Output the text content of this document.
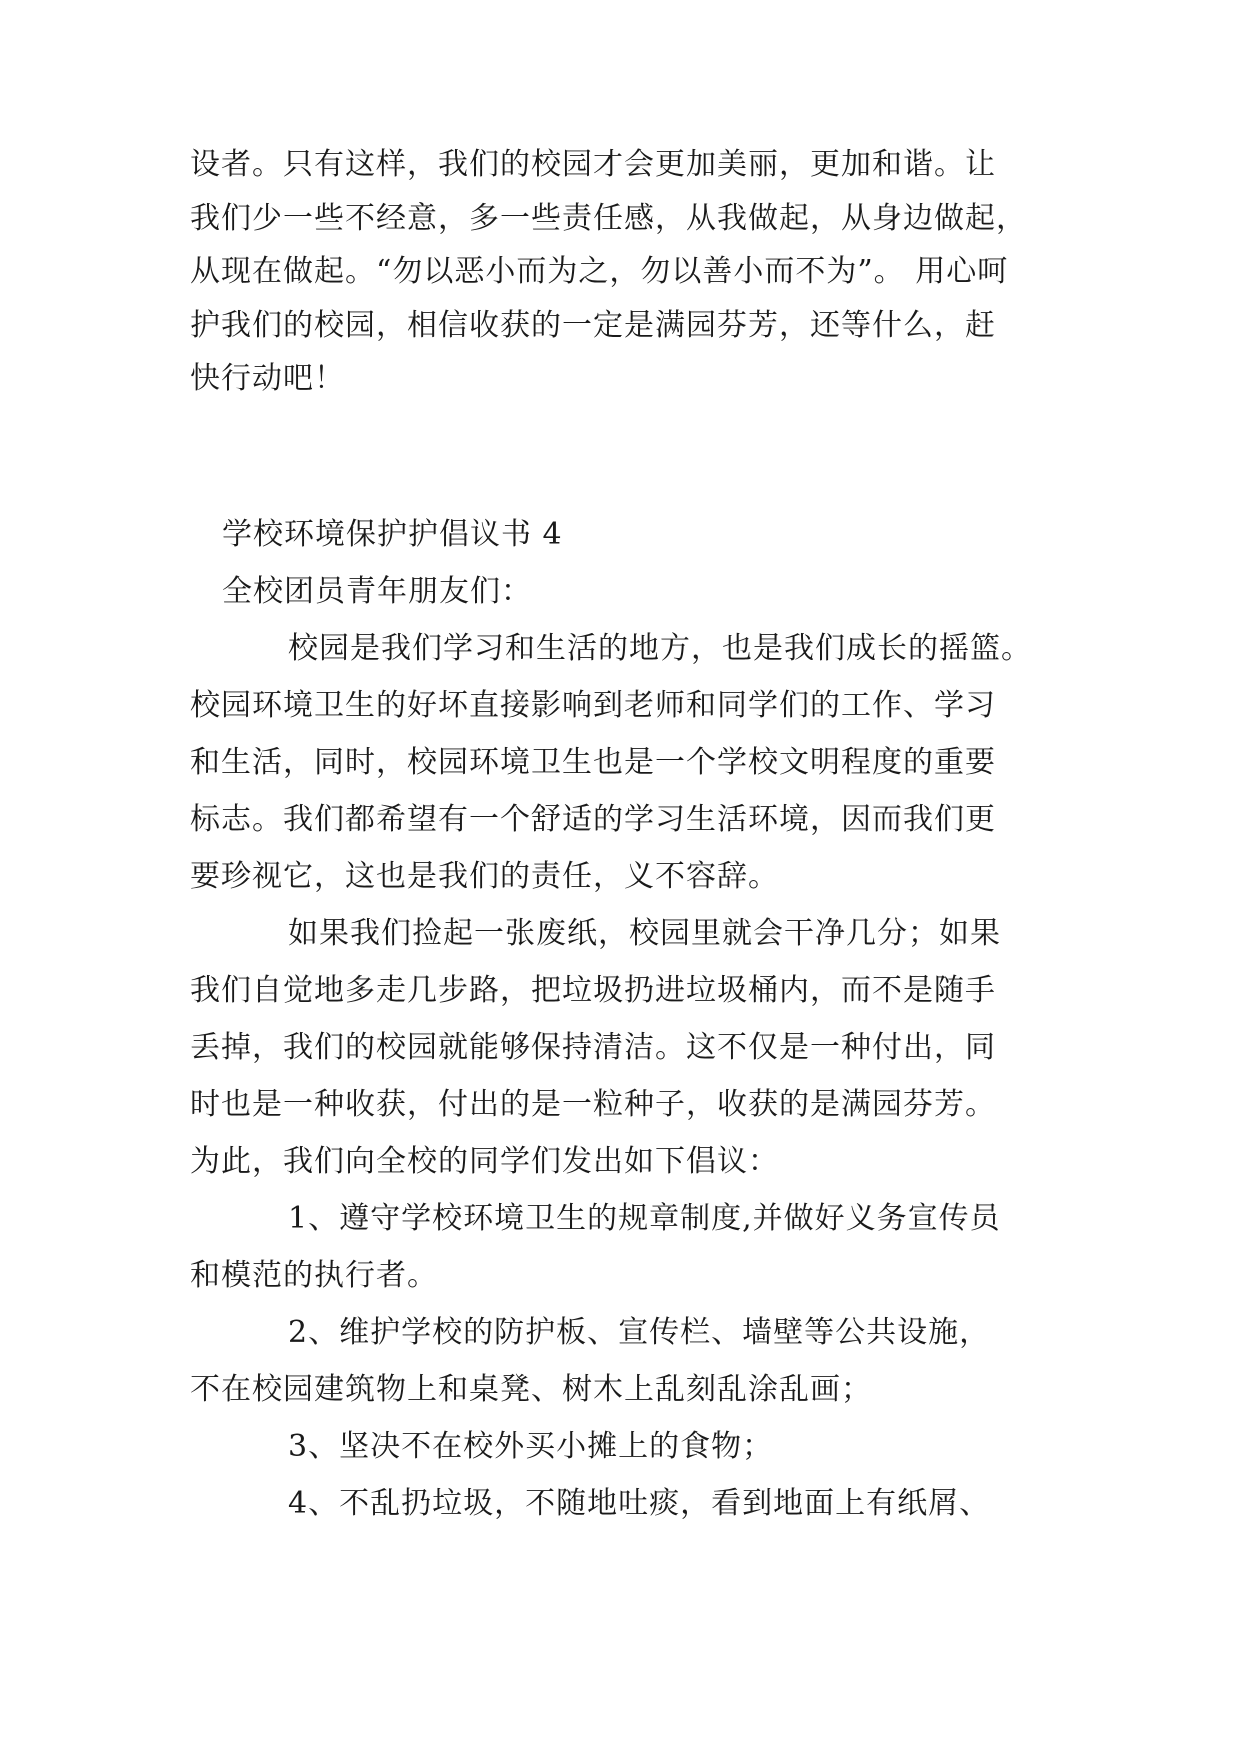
设者。只有这样，我们的校园才会更加美丽，更加和谐。让
我们少一些不经意，多一些责任感，从我做起，从身边做起，
从现在做起。“勿以恶小而为之，勿以善小而不为”。 用心呵
护我们的校园，相信收获的一定是满园芬芳，还等什么，赶
快行动吧！
学校环境保护护倡议书 4
全校团员青年朋友们：
校园是我们学习和生活的地方，也是我们成长的摇篮。
校园环境卫生的好坏直接影响到老师和同学们的工作、学习
和生活，同时，校园环境卫生也是一个学校文明程度的重要
标志。我们都希望有一个舒适的学习生活环境，因而我们更
要珍视它，这也是我们的责任，义不容辞。
如果我们捡起一张废纸，校园里就会干净几分；如果
我们自觉地多走几步路，把垃圾扔进垃圾桶内，而不是随手
丢掉，我们的校园就能够保持清洁。这不仅是一种付出，同
时也是一种收获，付出的是一粒种子，收获的是满园芬芳。
为此，我们向全校的同学们发出如下倡议：
1、遵守学校环境卫生的规章制度,并做好义务宣传员
和模范的执行者。
2、维护学校的防护板、宣传栏、墙壁等公共设施，
不在校园建筑物上和桌凳、树木上乱刻乱涂乱画；
3、坚决不在校外买小摊上的食物；
4、不乱扔垃圾，不随地吐痰，看到地面上有纸屑、
